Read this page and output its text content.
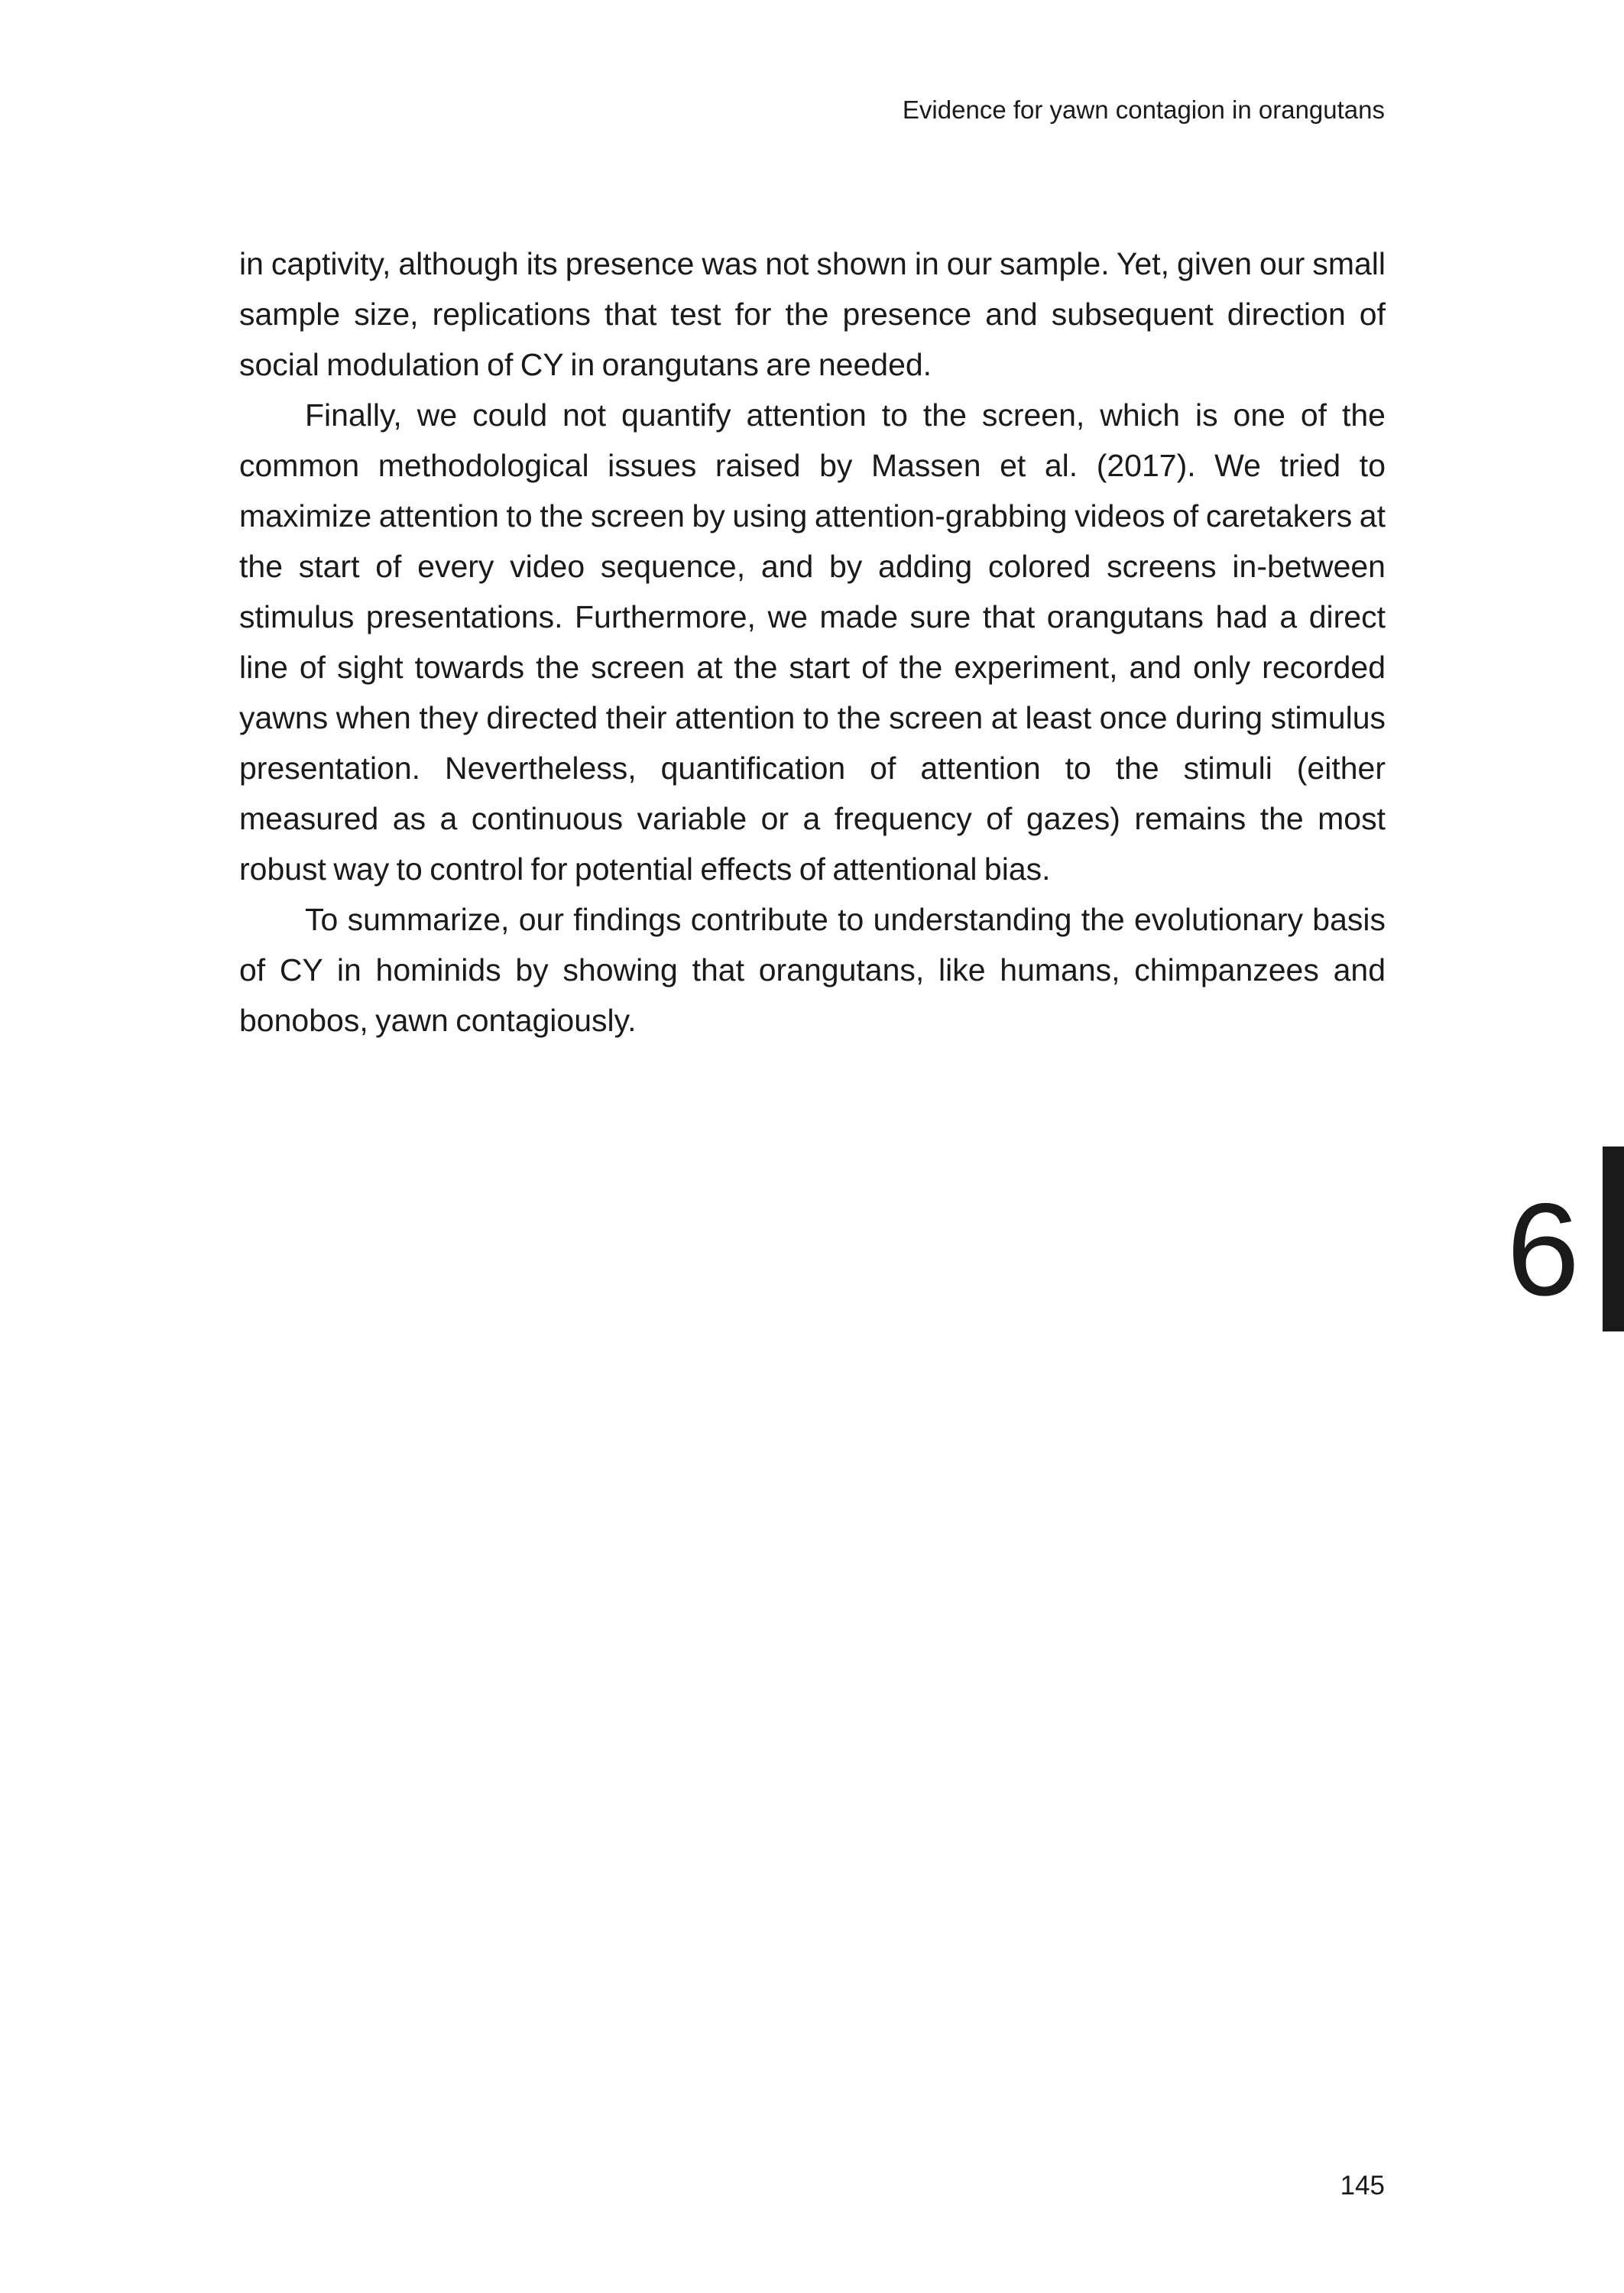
Evidence for yawn contagion in orangutans

in captivity, although its presence was not shown in our sample. Yet, given our small sample size, replications that test for the presence and subsequent direction of social modulation of CY in orangutans are needed.

Finally, we could not quantify attention to the screen, which is one of the common methodological issues raised by Massen et al. (2017). We tried to maximize attention to the screen by using attention-grabbing videos of caretakers at the start of every video sequence, and by adding colored screens in-between stimulus presentations. Furthermore, we made sure that orangutans had a direct line of sight towards the screen at the start of the experiment, and only recorded yawns when they directed their attention to the screen at least once during stimulus presentation. Nevertheless, quantification of attention to the stimuli (either measured as a continuous variable or a frequency of gazes) remains the most robust way to control for potential effects of attentional bias.

To summarize, our findings contribute to understanding the evolutionary basis of CY in hominids by showing that orangutans, like humans, chimpanzees and bonobos, yawn contagiously.

6
145
